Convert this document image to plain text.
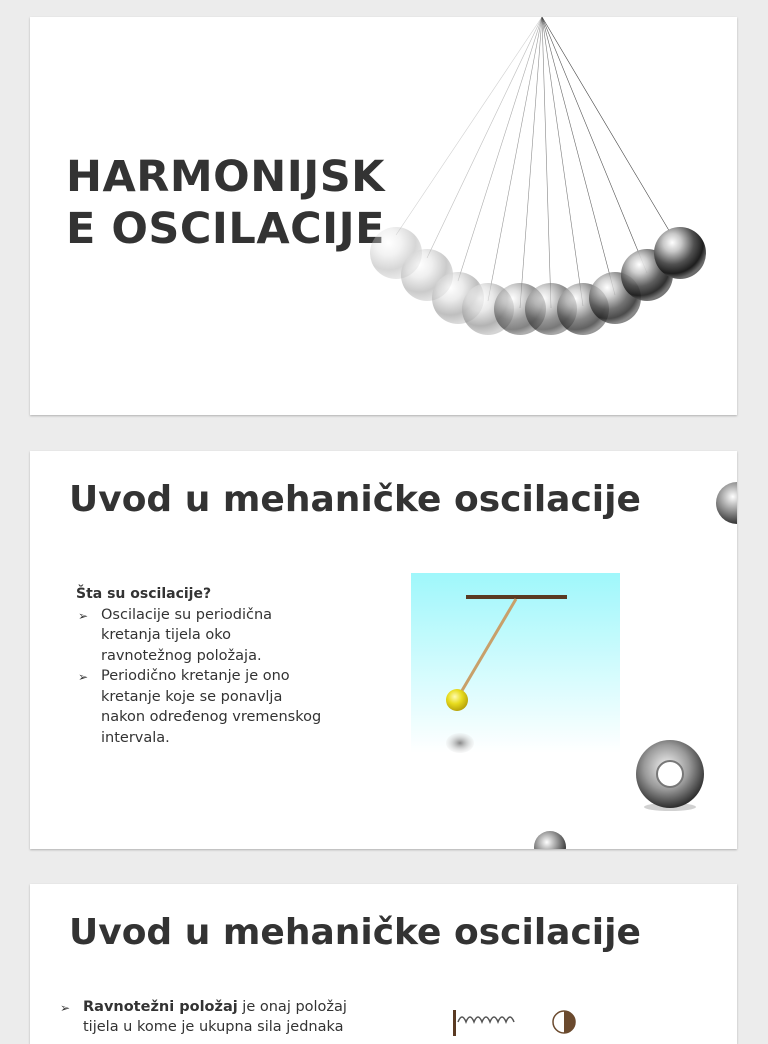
HARMONIJSK
E OSCILACIJE
Uvod u mehaničke oscilacije

Šta su oscilacije?

➢ Oscilacije su periodična kretanja tijela oko ravnotežnog položaja.
➢ Periodično kretanje je ono kretanje koje se ponavlja nakon određenog vremenskog intervala.
Uvod u mehaničke oscilacije
➢ Ravnotežni položaj je onaj položaj
tijela u kome je ukupna sila jednaka
